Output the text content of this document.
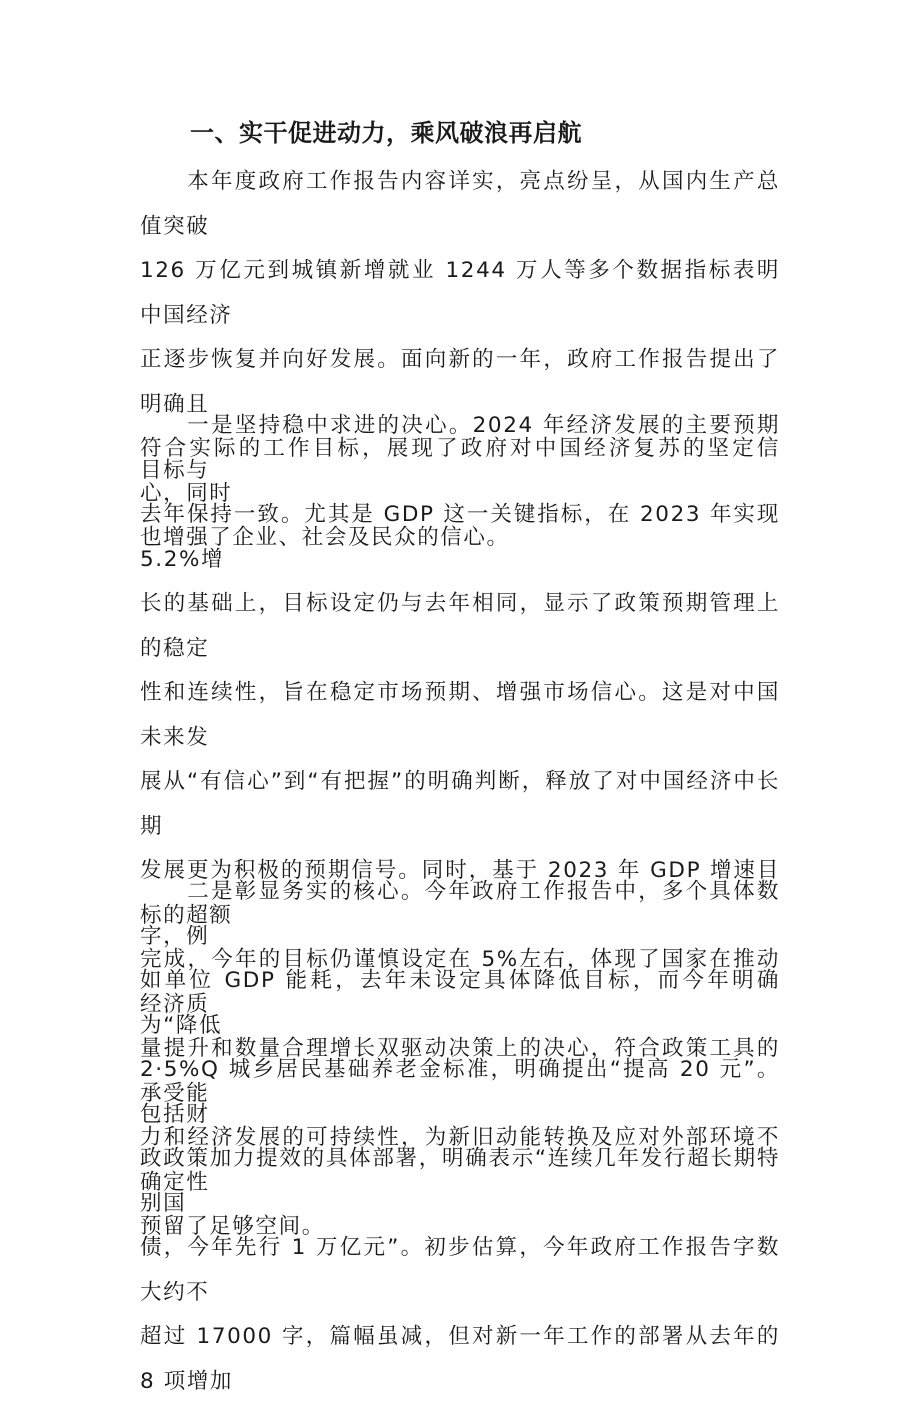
一、实干促进动力，乘风破浪再启航
本年度政府工作报告内容详实，亮点纷呈，从国内生产总值突破
126 万亿元到城镇新增就业 1244 万人等多个数据指标表明中国经济
正逐步恢复并向好发展。面向新的一年，政府工作报告提出了明确且
符合实际的工作目标，展现了政府对中国经济复苏的坚定信心，同时
也增强了企业、社会及民众的信心。
一是坚持稳中求进的决心。2024 年经济发展的主要预期目标与
去年保持一致。尤其是 GDP 这一关键指标，在 2023 年实现 5.2%增
长的基础上，目标设定仍与去年相同，显示了政策预期管理上的稳定
性和连续性，旨在稳定市场预期、增强市场信心。这是对中国未来发
展从“有信心”到“有把握”的明确判断，释放了对中国经济中长期
发展更为积极的预期信号。同时，基于 2023 年 GDP 增速目标的超额
完成，今年的目标仍谨慎设定在 5%左右，体现了国家在推动经济质
量提升和数量合理增长双驱动决策上的决心，符合政策工具的承受能
力和经济发展的可持续性，为新旧动能转换及应对外部环境不确定性
预留了足够空间。
二是彰显务实的核心。今年政府工作报告中，多个具体数字，例
如单位 GDP 能耗，去年未设定具体降低目标，而今年明确为“降低
2·5%Q 城乡居民基础养老金标准，明确提出“提高 20 元”。包括财
政政策加力提效的具体部署，明确表示“连续几年发行超长期特别国
债，今年先行 1 万亿元”。初步估算，今年政府工作报告字数大约不
超过 17000 字，篇幅虽减，但对新一年工作的部署从去年的 8 项增加
